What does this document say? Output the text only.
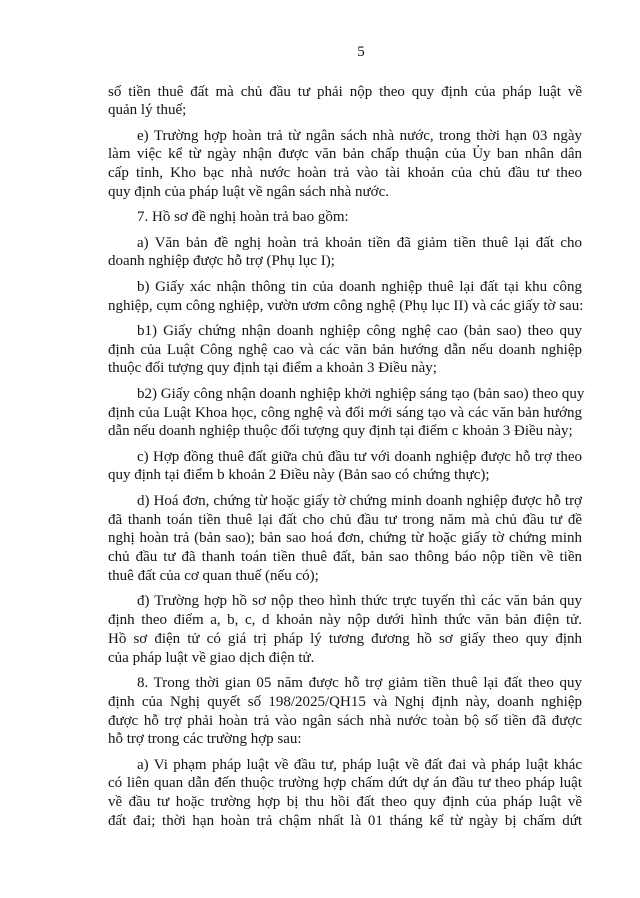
5
số tiền thuê đất mà chủ đầu tư phải nộp theo quy định của pháp luật về
quản lý thuế;
e) Trường hợp hoàn trả từ ngân sách nhà nước, trong thời hạn 03 ngày
làm việc kể từ ngày nhận được văn bản chấp thuận của Ủy ban nhân dân
cấp tỉnh, Kho bạc nhà nước hoàn trả vào tài khoản của chủ đầu tư theo
quy định của pháp luật về ngân sách nhà nước.
7. Hồ sơ đề nghị hoàn trả bao gồm:
a) Văn bản đề nghị hoàn trả khoản tiền đã giảm tiền thuê lại đất cho
doanh nghiệp được hỗ trợ (Phụ lục I);
b) Giấy xác nhận thông tin của doanh nghiệp thuê lại đất tại khu công
nghiệp, cụm công nghiệp, vườn ươm công nghệ (Phụ lục II) và các giấy tờ sau:
b1) Giấy chứng nhận doanh nghiệp công nghệ cao (bản sao) theo quy
định của Luật Công nghệ cao và các văn bản hướng dẫn nếu doanh nghiệp
thuộc đối tượng quy định tại điểm a khoản 3 Điều này;
b2) Giấy công nhận doanh nghiệp khởi nghiệp sáng tạo (bản sao) theo quy
định của Luật Khoa học, công nghệ và đổi mới sáng tạo và các văn bản hướng
dẫn nếu doanh nghiệp thuộc đối tượng quy định tại điểm c khoản 3 Điều này;
c) Hợp đồng thuê đất giữa chủ đầu tư với doanh nghiệp được hỗ trợ theo
quy định tại điểm b khoản 2 Điều này (Bản sao có chứng thực);
d) Hoá đơn, chứng từ hoặc giấy tờ chứng minh doanh nghiệp được hỗ trợ
đã thanh toán tiền thuê lại đất cho chủ đầu tư trong năm mà chủ đầu tư đề
nghị hoàn trả (bản sao); bản sao hoá đơn, chứng từ hoặc giấy tờ chứng minh
chủ đầu tư đã thanh toán tiền thuê đất, bản sao thông báo nộp tiền về tiền
thuê đất của cơ quan thuế (nếu có);
đ) Trường hợp hồ sơ nộp theo hình thức trực tuyến thì các văn bản quy
định theo điểm a, b, c, d khoản này nộp dưới hình thức văn bản điện tử.
Hồ sơ điện tử có giá trị pháp lý tương đương hồ sơ giấy theo quy định
của pháp luật về giao dịch điện tử.
8. Trong thời gian 05 năm được hỗ trợ giảm tiền thuê lại đất theo quy
định của Nghị quyết số 198/2025/QH15 và Nghị định này, doanh nghiệp
được hỗ trợ phải hoàn trả vào ngân sách nhà nước toàn bộ số tiền đã được
hỗ trợ trong các trường hợp sau:
a) Vi phạm pháp luật về đầu tư, pháp luật về đất đai và pháp luật khác
có liên quan dẫn đến thuộc trường hợp chấm dứt dự án đầu tư theo pháp luật
về đầu tư hoặc trường hợp bị thu hồi đất theo quy định của pháp luật về
đất đai; thời hạn hoàn trả chậm nhất là 01 tháng kể từ ngày bị chấm dứt
